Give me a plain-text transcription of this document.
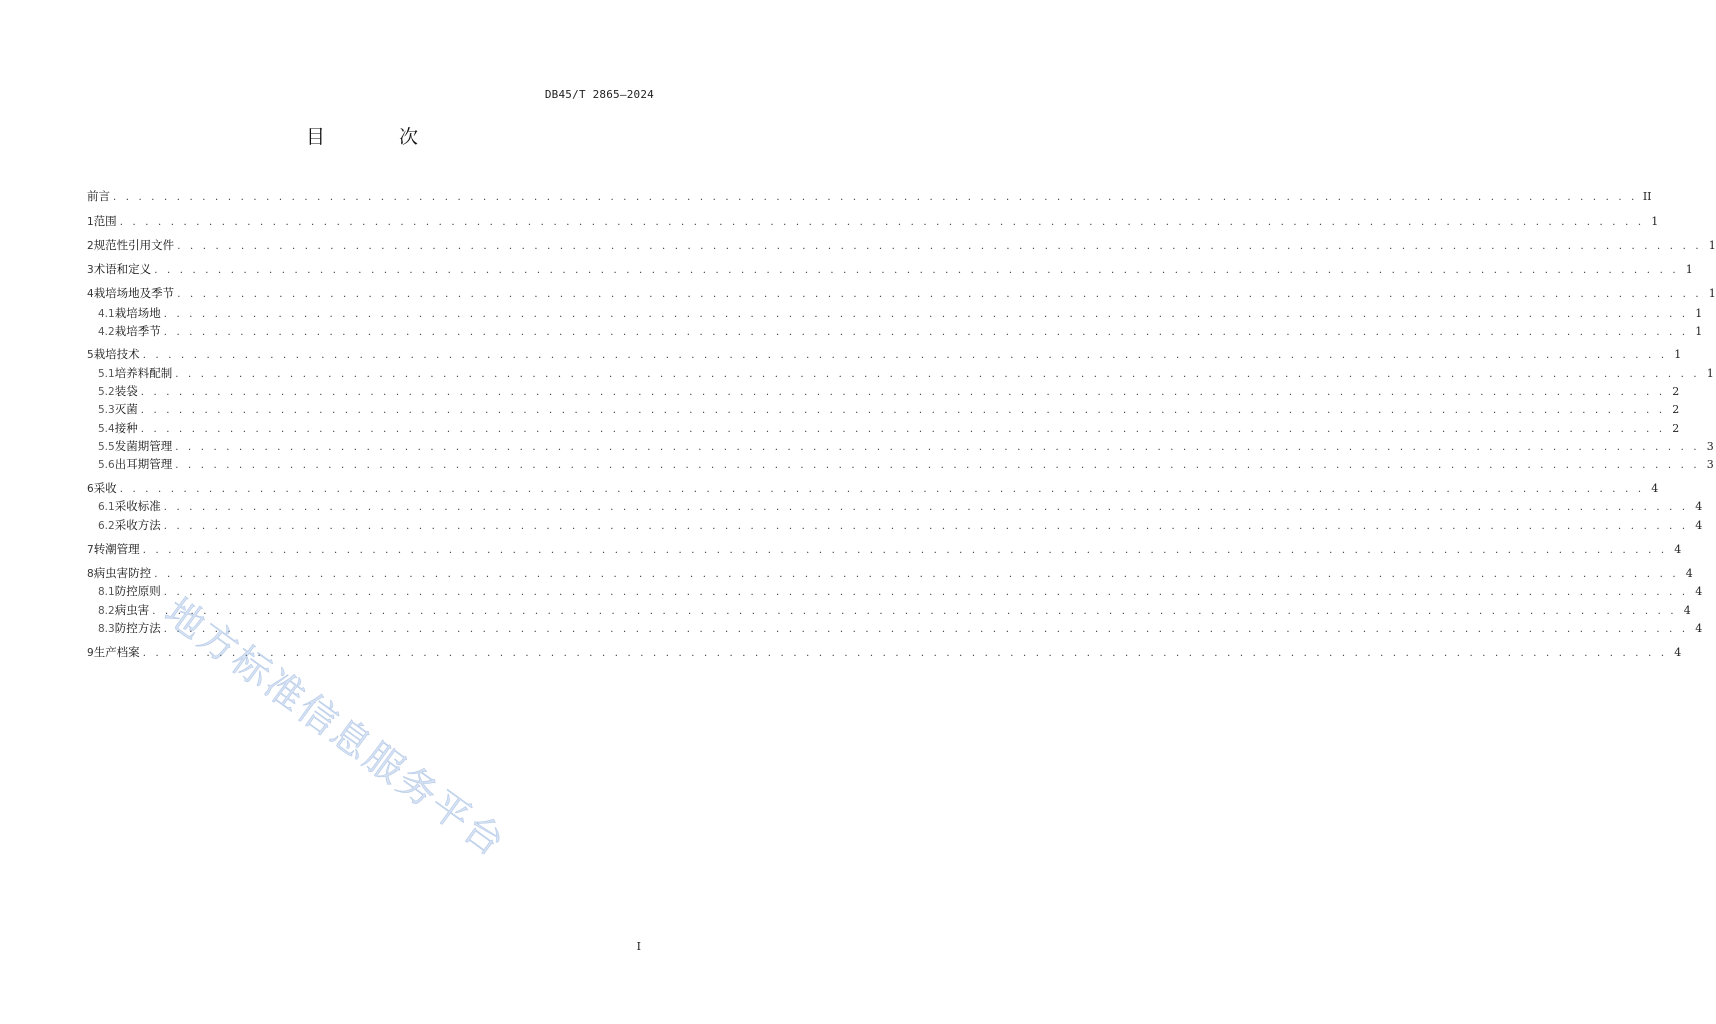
DB45/T 2865—2024
目 次
前言 . . . . . . . . . . . . . . . . . . . . . . . . . . . . . . . . . . . . . . . . . . . . . . . . . . . . . . . . . . . . . . . . . . . . . . . . . . . . . . . . . . . . . . . . . . . . . . . . . . . . . . . . . . . . . . . . . . . . . . . . II
1 范围 . . . . . . . . . . . . . . . . . . . . . . . . . . . . . . . . . . . . . . . . . . . . . . . . . . . . . . . . . . . . . . . . . . . . . . . . . . . . . . . . . . . . . . . . . . . . . . . . . . . . . . . . . . . . . . . . . . . . . . . . 1
2 规范性引用文件 . . . . . . . . . . . . . . . . . . . . . . . . . . . . . . . . . . . . . . . . . . . . . . . . . . . . . . . . . . . . . . . . . . . . . . . . . . . . . . . . . . . . . . . . . . . . . . . . . . . . . . . . . . . . . . . . . . . . . . . . 1
3 术语和定义 . . . . . . . . . . . . . . . . . . . . . . . . . . . . . . . . . . . . . . . . . . . . . . . . . . . . . . . . . . . . . . . . . . . . . . . . . . . . . . . . . . . . . . . . . . . . . . . . . . . . . . . . . . . . . . . . . . . . . . . . 1
4 栽培场地及季节 . . . . . . . . . . . . . . . . . . . . . . . . . . . . . . . . . . . . . . . . . . . . . . . . . . . . . . . . . . . . . . . . . . . . . . . . . . . . . . . . . . . . . . . . . . . . . . . . . . . . . . . . . . . . . . . . . . . . . . . . 1
4.1 栽培场地 . . . . . . . . . . . . . . . . . . . . . . . . . . . . . . . . . . . . . . . . . . . . . . . . . . . . . . . . . . . . . . . . . . . . . . . . . . . . . . . . . . . . . . . . . . . . . . . . . . . . . . . . . . . . . . . . . . . . . . . . 1
4.2 栽培季节 . . . . . . . . . . . . . . . . . . . . . . . . . . . . . . . . . . . . . . . . . . . . . . . . . . . . . . . . . . . . . . . . . . . . . . . . . . . . . . . . . . . . . . . . . . . . . . . . . . . . . . . . . . . . . . . . . . . . . . . . 1
5 栽培技术 . . . . . . . . . . . . . . . . . . . . . . . . . . . . . . . . . . . . . . . . . . . . . . . . . . . . . . . . . . . . . . . . . . . . . . . . . . . . . . . . . . . . . . . . . . . . . . . . . . . . . . . . . . . . . . . . . . . . . . . . 1
5.1 培养料配制 . . . . . . . . . . . . . . . . . . . . . . . . . . . . . . . . . . . . . . . . . . . . . . . . . . . . . . . . . . . . . . . . . . . . . . . . . . . . . . . . . . . . . . . . . . . . . . . . . . . . . . . . . . . . . . . . . . . . . . . . 1
5.2 装袋 . . . . . . . . . . . . . . . . . . . . . . . . . . . . . . . . . . . . . . . . . . . . . . . . . . . . . . . . . . . . . . . . . . . . . . . . . . . . . . . . . . . . . . . . . . . . . . . . . . . . . . . . . . . . . . . . . . . . . . . . 2
5.3 灭菌 . . . . . . . . . . . . . . . . . . . . . . . . . . . . . . . . . . . . . . . . . . . . . . . . . . . . . . . . . . . . . . . . . . . . . . . . . . . . . . . . . . . . . . . . . . . . . . . . . . . . . . . . . . . . . . . . . . . . . . . . 2
5.4 接种 . . . . . . . . . . . . . . . . . . . . . . . . . . . . . . . . . . . . . . . . . . . . . . . . . . . . . . . . . . . . . . . . . . . . . . . . . . . . . . . . . . . . . . . . . . . . . . . . . . . . . . . . . . . . . . . . . . . . . . . . 2
5.5 发菌期管理 . . . . . . . . . . . . . . . . . . . . . . . . . . . . . . . . . . . . . . . . . . . . . . . . . . . . . . . . . . . . . . . . . . . . . . . . . . . . . . . . . . . . . . . . . . . . . . . . . . . . . . . . . . . . . . . . . . . . . . . . 3
5.6 出耳期管理 . . . . . . . . . . . . . . . . . . . . . . . . . . . . . . . . . . . . . . . . . . . . . . . . . . . . . . . . . . . . . . . . . . . . . . . . . . . . . . . . . . . . . . . . . . . . . . . . . . . . . . . . . . . . . . . . . . . . . . . . 3
6 采收 . . . . . . . . . . . . . . . . . . . . . . . . . . . . . . . . . . . . . . . . . . . . . . . . . . . . . . . . . . . . . . . . . . . . . . . . . . . . . . . . . . . . . . . . . . . . . . . . . . . . . . . . . . . . . . . . . . . . . . . . 4
6.1 采收标准 . . . . . . . . . . . . . . . . . . . . . . . . . . . . . . . . . . . . . . . . . . . . . . . . . . . . . . . . . . . . . . . . . . . . . . . . . . . . . . . . . . . . . . . . . . . . . . . . . . . . . . . . . . . . . . . . . . . . . . . . 4
6.2 采收方法 . . . . . . . . . . . . . . . . . . . . . . . . . . . . . . . . . . . . . . . . . . . . . . . . . . . . . . . . . . . . . . . . . . . . . . . . . . . . . . . . . . . . . . . . . . . . . . . . . . . . . . . . . . . . . . . . . . . . . . . . 4
7 转潮管理 . . . . . . . . . . . . . . . . . . . . . . . . . . . . . . . . . . . . . . . . . . . . . . . . . . . . . . . . . . . . . . . . . . . . . . . . . . . . . . . . . . . . . . . . . . . . . . . . . . . . . . . . . . . . . . . . . . . . . . . . 4
8 病虫害防控 . . . . . . . . . . . . . . . . . . . . . . . . . . . . . . . . . . . . . . . . . . . . . . . . . . . . . . . . . . . . . . . . . . . . . . . . . . . . . . . . . . . . . . . . . . . . . . . . . . . . . . . . . . . . . . . . . . . . . . . . 4
8.1 防控原则 . . . . . . . . . . . . . . . . . . . . . . . . . . . . . . . . . . . . . . . . . . . . . . . . . . . . . . . . . . . . . . . . . . . . . . . . . . . . . . . . . . . . . . . . . . . . . . . . . . . . . . . . . . . . . . . . . . . . . . . . 4
8.2 病虫害 . . . . . . . . . . . . . . . . . . . . . . . . . . . . . . . . . . . . . . . . . . . . . . . . . . . . . . . . . . . . . . . . . . . . . . . . . . . . . . . . . . . . . . . . . . . . . . . . . . . . . . . . . . . . . . . . . . . . . . . . 4
8.3 防控方法 . . . . . . . . . . . . . . . . . . . . . . . . . . . . . . . . . . . . . . . . . . . . . . . . . . . . . . . . . . . . . . . . . . . . . . . . . . . . . . . . . . . . . . . . . . . . . . . . . . . . . . . . . . . . . . . . . . . . . . . . 4
9 生产档案 . . . . . . . . . . . . . . . . . . . . . . . . . . . . . . . . . . . . . . . . . . . . . . . . . . . . . . . . . . . . . . . . . . . . . . . . . . . . . . . . . . . . . . . . . . . . . . . . . . . . . . . . . . . . . . . . . . . . . . . . 4
地方标准信息服务平台
I
